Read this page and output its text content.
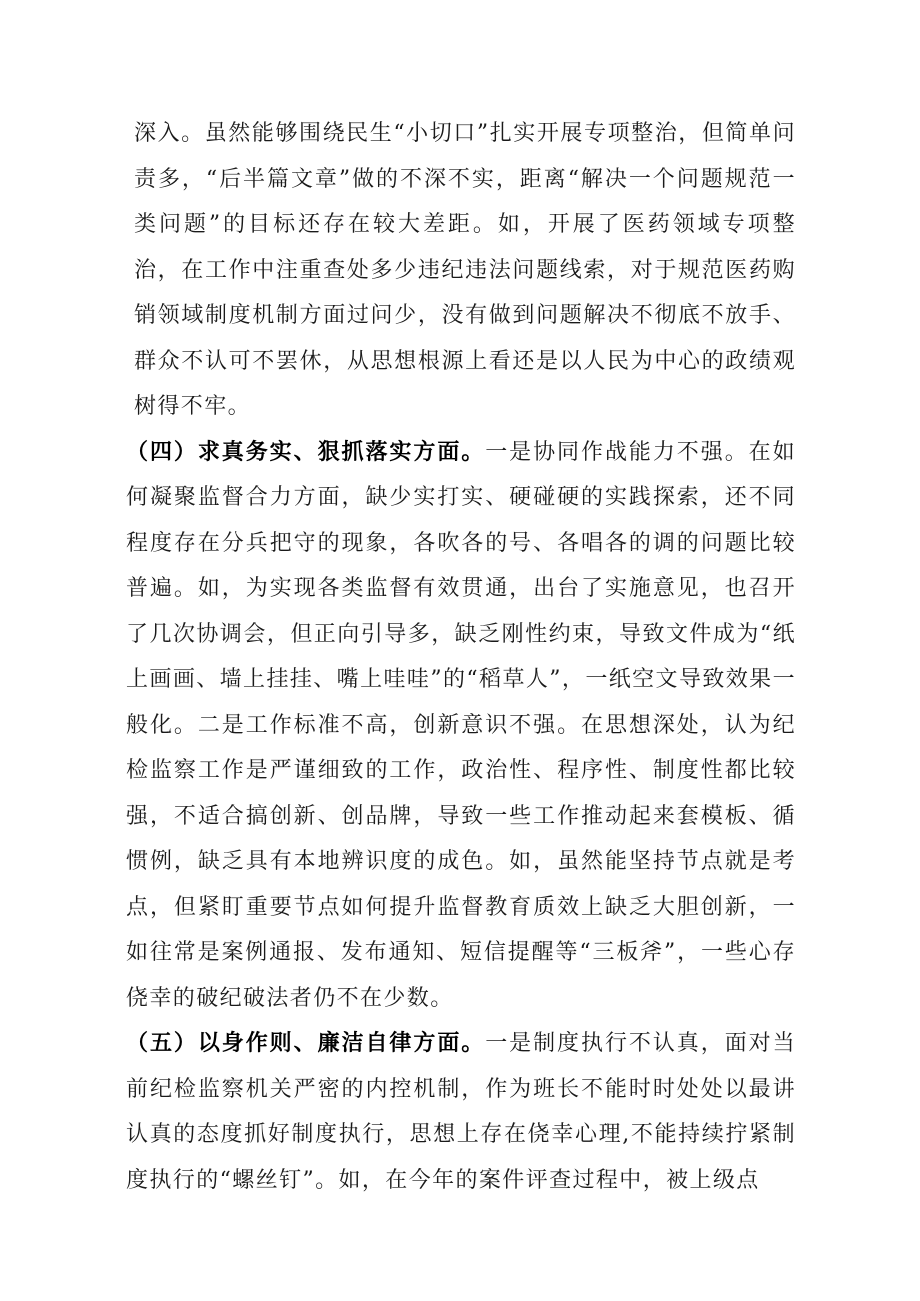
深入。虽然能够围绕民生“小切口”扎实开展专项整治，但简单问责多，“后半篇文章”做的不深不实，距离“解决一个问题规范一类问题”的目标还存在较大差距。如，开展了医药领域专项整治，在工作中注重查处多少违纪违法问题线索，对于规范医药购销领域制度机制方面过问少，没有做到问题解决不彻底不放手、群众不认可不罢休，从思想根源上看还是以人民为中心的政绩观树得不牢。

（四）求真务实、狠抓落实方面。一是协同作战能力不强。在如何凝聚监督合力方面，缺少实打实、硬碰硬的实践探索，还不同程度存在分兵把守的现象，各吹各的号、各唱各的调的问题比较普遍。如，为实现各类监督有效贯通，出台了实施意见，也召开了几次协调会，但正向引导多，缺乏刚性约束，导致文件成为“纸上画画、墙上挂挂、嘴上哇哇”的“稻草人”，一纸空文导致效果一般化。二是工作标准不高，创新意识不强。在思想深处，认为纪检监察工作是严谨细致的工作，政治性、程序性、制度性都比较强，不适合搞创新、创品牌，导致一些工作推动起来套模板、循惯例，缺乏具有本地辨识度的成色。如，虽然能坚持节点就是考点，但紧盯重要节点如何提升监督教育质效上缺乏大胆创新，一如往常是案例通报、发布通知、短信提醒等“三板斧”，一些心存侥幸的破纪破法者仍不在少数。

（五）以身作则、廉洁自律方面。一是制度执行不认真，面对当前纪检监察机关严密的内控机制，作为班长不能时时处处以最讲认真的态度抓好制度执行，思想上存在侥幸心理,不能持续拧紧制度执行的“螺丝钉”。如，在今年的案件评查过程中，被上级点
